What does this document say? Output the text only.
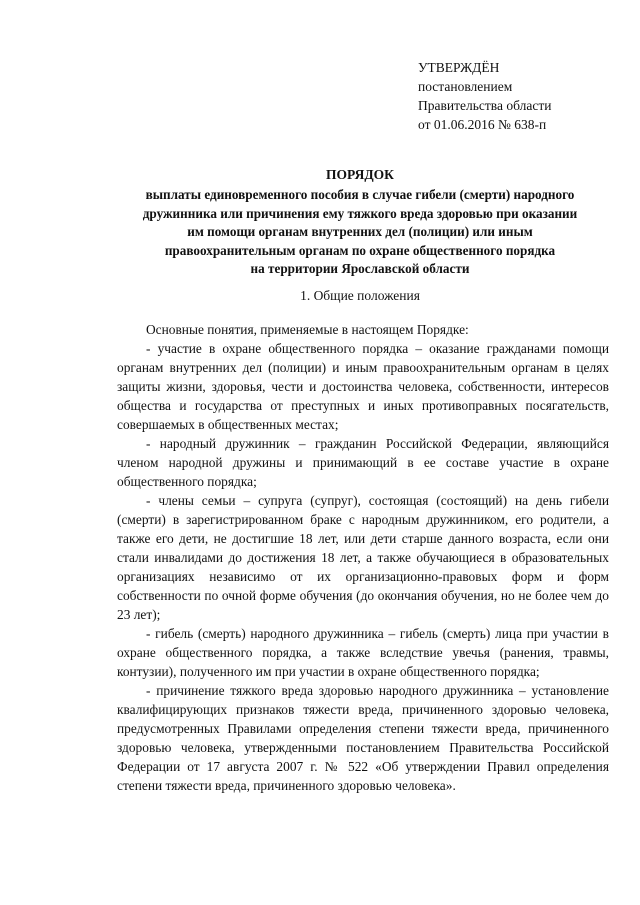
УТВЕРЖДЁН
постановлением
Правительства области
от 01.06.2016 № 638-п
ПОРЯДОК
выплаты единовременного пособия в случае гибели (смерти) народного
дружинника или причинения ему тяжкого вреда здоровью при оказании
им помощи органам внутренних дел (полиции) или иным
правоохранительным органам по охране общественного порядка
на территории Ярославской области
1. Общие положения

Основные понятия, применяемые в настоящем Порядке:

- участие в охране общественного порядка – оказание гражданами помощи органам внутренних дел (полиции) и иным правоохранительным органам в целях защиты жизни, здоровья, чести и достоинства человека, собственности, интересов общества и государства от преступных и иных противоправных посягательств, совершаемых в общественных местах;

- народный дружинник – гражданин Российской Федерации, являющийся членом народной дружины и принимающий в ее составе участие в охране общественного порядка;

- члены семьи – супруга (супруг), состоящая (состоящий) на день гибели (смерти) в зарегистрированном браке с народным дружинником, его родители, а также его дети, не достигшие 18 лет, или дети старше данного возраста, если они стали инвалидами до достижения 18 лет, а также обучающиеся в образовательных организациях независимо от их организационно-правовых форм и форм собственности по очной форме обучения (до окончания обучения, но не более чем до 23 лет);

- гибель (смерть) народного дружинника – гибель (смерть) лица при участии в охране общественного порядка, а также вследствие увечья (ранения, травмы, контузии), полученного им при участии в охране общественного порядка;

- причинение тяжкого вреда здоровью народного дружинника – установление квалифицирующих признаков тяжести вреда, причиненного здоровью человека, предусмотренных Правилами определения степени тяжести вреда, причиненного здоровью человека, утвержденными постановлением Правительства Российской Федерации от 17 августа 2007 г. № 522 «Об утверждении Правил определения степени тяжести вреда, причиненного здоровью человека».
